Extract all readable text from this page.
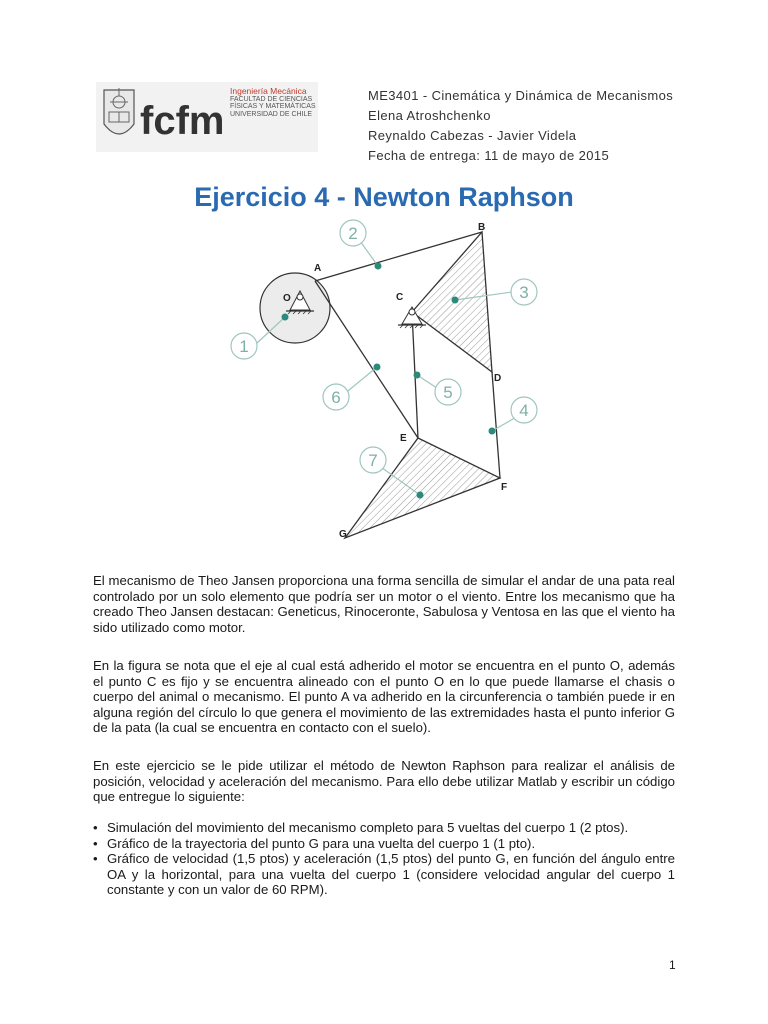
fcfm
Ingeniería Mecánica
FACULTAD DE CIENCIAS
FÍSICAS Y MATEMÁTICAS
UNIVERSIDAD DE CHILE
ME3401 - Cinemática y Dinámica de Mecanismos
Elena Atroshchenko
Reynaldo Cabezas - Javier Videla
Fecha de entrega: 11 de mayo de 2015
Ejercicio 4 - Newton Raphson
1
2
3
4
5
6
7
A
B
C
D
E
F
G
O
El mecanismo de Theo Jansen proporciona una forma sencilla de simular el andar de una pata real controlado por un solo elemento que podría ser un motor o el viento. Entre los mecanismo que ha creado Theo Jansen destacan: Geneticus, Rinoceronte, Sabulosa y Ventosa en las que el viento ha sido utilizado como motor.
En la figura se nota que el eje al cual está adherido el motor se encuentra en el punto O, además el punto C es fijo y se encuentra alineado con el punto O en lo que puede llamarse el chasis o cuerpo del animal o mecanismo. El punto A va adherido en la circunferencia o también puede ir en alguna región del círculo lo que genera el movimiento de las extremidades hasta el punto inferior G de la pata (la cual se encuentra en contacto con el suelo).
En este ejercicio se le pide utilizar el método de Newton Raphson para realizar el análisis de posición, velocidad y aceleración del mecanismo. Para ello debe utilizar Matlab y escribir un código que entregue lo siguiente:
• Simulación del movimiento del mecanismo completo para 5 vueltas del cuerpo 1 (2 ptos).
• Gráfico de la trayectoria del punto G para una vuelta del cuerpo 1 (1 pto).
• Gráfico de velocidad (1,5 ptos) y aceleración (1,5 ptos) del punto G, en función del ángulo entre OA y la horizontal, para una vuelta del cuerpo 1 (considere velocidad angular del cuerpo 1 constante y con un valor de 60 RPM).
1
